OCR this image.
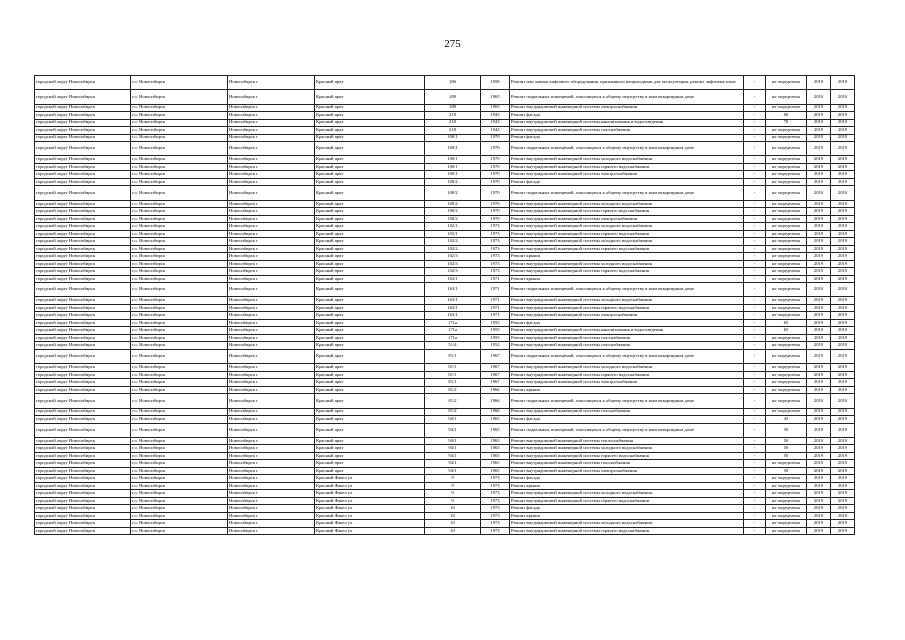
275
городской округ Новосибирск	г.о. Новосибирск	Новосибирск г	Красный пркт	186	1958	Ремонт или замена лифтового оборудования, признанного непригодным для эксплуатации, ремонт лифтовых шахт	-	не определена	2019	2019
городской округ Новосибирск	г.о. Новосибирск	Новосибирск г	Красный пркт	188	1965	Ремонт подвальных помещений, относящихся к общему имуществу в многоквартирном доме	-	не определена	2019	2019
городской округ Новосибирск	г.о. Новосибирск	Новосибирск г	Красный пркт	188	1965	Ремонт внутридомовой инженерной системы электроснабжения	-	не определена	2019	2019
городской округ Новосибирск	г.о. Новосибирск	Новосибирск г	Красный пркт	218	1943	Ремонт фасада	-	69	2019	2019
городской округ Новосибирск	г.о. Новосибирск	Новосибирск г	Красный пркт	218	1943	Ремонт внутридомовой инженерной системы канализования и водоотведения	-	70	2019	2019
городской округ Новосибирск	г.о. Новосибирск	Новосибирск г	Красный пркт	218	1943	Ремонт внутридомовой инженерной системы газоснабжения	-	не определена	2019	2019
городской округ Новосибирск	г.о. Новосибирск	Новосибирск г	Красный пркт	100/1	1970	Ремонт фасада	-	не определена	2019	2019
городской округ Новосибирск	г.о. Новосибирск	Новосибирск г	Красный пркт	100/1	1970	Ремонт подвальных помещений, относящихся к общему имуществу в многоквартирном доме	-	не определена	2019	2019
городской округ Новосибирск	г.о. Новосибирск	Новосибирск г	Красный пркт	100/1	1970	Ремонт внутридомовой инженерной системы холодного водоснабжения	-	не определена	2019	2019
городской округ Новосибирск	г.о. Новосибирск	Новосибирск г	Красный пркт	100/1	1970	Ремонт внутридомовой инженерной системы горячего водоснабжения	-	не определена	2019	2019
городской округ Новосибирск	г.о. Новосибирск	Новосибирск г	Красный пркт	100/1	1970	Ремонт внутридомовой инженерной системы электроснабжения	-	не определена	2019	2019
городской округ Новосибирск	г.о. Новосибирск	Новосибирск г	Красный пркт	100/2	1970	Ремонт фасада	-	не определена	2019	2019
городской округ Новосибирск	г.о. Новосибирск	Новосибирск г	Красный пркт	100/2	1970	Ремонт подвальных помещений, относящихся к общему имуществу в многоквартирном доме	-	не определена	2019	2019
городской округ Новосибирск	г.о. Новосибирск	Новосибирск г	Красный пркт	100/2	1970	Ремонт внутридомовой инженерной системы холодного водоснабжения	-	не определена	2019	2019
городской округ Новосибирск	г.о. Новосибирск	Новосибирск г	Красный пркт	100/2	1970	Ремонт внутридомовой инженерной системы горячего водоснабжения	-	не определена	2019	2019
городской округ Новосибирск	г.о. Новосибирск	Новосибирск г	Красный пркт	100/2	1970	Ремонт внутридомовой инженерной системы электроснабжения	-	не определена	2019	2019
городской округ Новосибирск	г.о. Новосибирск	Новосибирск г	Красный пркт	102/1	1973	Ремонт внутридомовой инженерной системы холодного водоснабжения	-	не определена	2019	2019
городской округ Новосибирск	г.о. Новосибирск	Новосибирск г	Красный пркт	102/1	1973	Ремонт внутридомовой инженерной системы горячего водоснабжения	-	не определена	2019	2019
городской округ Новосибирск	г.о. Новосибирск	Новосибирск г	Красный пркт	102/2	1973	Ремонт внутридомовой инженерной системы холодного водоснабжения	-	не определена	2019	2019
городской округ Новосибирск	г.о. Новосибирск	Новосибирск г	Красный пркт	102/2	1973	Ремонт внутридомовой инженерной системы горячего водоснабжения	-	не определена	2019	2019
городской округ Новосибирск	г.о. Новосибирск	Новосибирск г	Красный пркт	102/3	1973	Ремонт крыши	-	не определена	2019	2019
городской округ Новосибирск	г.о. Новосибирск	Новосибирск г	Красный пркт	102/3	1973	Ремонт внутридомовой инженерной системы холодного водоснабжения	-	не определена	2019	2019
городской округ Новосибирск	г.о. Новосибирск	Новосибирск г	Красный пркт	102/3	1973	Ремонт внутридомовой инженерной системы горячего водоснабжения	-	не определена	2019	2019
городской округ Новосибирск	г.о. Новосибирск	Новосибирск г	Красный пркт	163/1	1971	Ремонт крыши	-	не определена	2019	2019
городской округ Новосибирск	г.о. Новосибирск	Новосибирск г	Красный пркт	163/1	1971	Ремонт подвальных помещений, относящихся к общему имуществу в многоквартирном доме	-	не определена	2019	2019
городской округ Новосибирск	г.о. Новосибирск	Новосибирск г	Красный пркт	163/1	1971	Ремонт внутридомовой инженерной системы холодного водоснабжения	-	не определена	2019	2019
городской округ Новосибирск	г.о. Новосибирск	Новосибирск г	Красный пркт	163/1	1971	Ремонт внутридомовой инженерной системы горячего водоснабжения	-	не определена	2019	2019
городской округ Новосибирск	г.о. Новосибирск	Новосибирск г	Красный пркт	163/1	1971	Ремонт внутридомовой инженерной системы электроснабжения	-	не определена	2019	2019
городской округ Новосибирск	г.о. Новосибирск	Новосибирск г	Красный пркт	171а	1955	Ремонт фасада	-	65	2019	2019
городской округ Новосибирск	г.о. Новосибирск	Новосибирск г	Красный пркт	171а	1955	Ремонт внутридомовой инженерной системы канализования и водоотведения	-	65	2019	2019
городской округ Новосибирск	г.о. Новосибирск	Новосибирск г	Красный пркт	171а	1955	Ремонт внутридомовой инженерной системы газоснабжения	-	не определена	2019	2019
городской округ Новосибирск	г.о. Новосибирск	Новосибирск г	Красный пркт	51/4	1952	Ремонт внутридомовой инженерной системы газоснабжения	-	не определена	2019	2019
городской округ Новосибирск	г.о. Новосибирск	Новосибирск г	Красный пркт	81/1	1967	Ремонт подвальных помещений, относящихся к общему имуществу в многоквартирном доме	-	не определена	2019	2019
городской округ Новосибирск	г.о. Новосибирск	Новосибирск г	Красный пркт	81/1	1967	Ремонт внутридомовой инженерной системы холодного водоснабжения	-	не определена	2019	2019
городской округ Новосибирск	г.о. Новосибирск	Новосибирск г	Красный пркт	81/1	1967	Ремонт внутридомовой инженерной системы горячего водоснабжения	-	не определена	2019	2019
городской округ Новосибирск	г.о. Новосибирск	Новосибирск г	Красный пркт	81/1	1967	Ремонт внутридомовой инженерной системы электроснабжения	-	не определена	2019	2019
городской округ Новосибирск	г.о. Новосибирск	Новосибирск г	Красный пркт	81/2	1966	Ремонт крыши	-	не определена	2019	2019
городской округ Новосибирск	г.о. Новосибирск	Новосибирск г	Красный пркт	81/2	1966	Ремонт подвальных помещений, относящихся к общему имуществу в многоквартирном доме	-	не определена	2019	2019
городской округ Новосибирск	г.о. Новосибирск	Новосибирск г	Красный пркт	81/2	1966	Ремонт внутридомовой инженерной системы газоснабжения	-	не определена	2019	2019
городской округ Новосибирск	г.о. Новосибирск	Новосибирск г	Красный пркт	94/1	1965	Ремонт фасада	-	45	2019	2019
городской округ Новосибирск	г.о. Новосибирск	Новосибирск г	Красный пркт	94/1	1965	Ремонт подвальных помещений, относящихся к общему имуществу в многоквартирном доме	-	50	2019	2019
городской округ Новосибирск	г.о. Новосибирск	Новосибирск г	Красный пркт	94/1	1965	Ремонт внутридомовой инженерной системы теплоснабжения	-	50	2019	2019
городской округ Новосибирск	г.о. Новосибирск	Новосибирск г	Красный пркт	94/1	1965	Ремонт внутридомовой инженерной системы холодного водоснабжения	-	50	2019	2019
городской округ Новосибирск	г.о. Новосибирск	Новосибирск г	Красный пркт	94/1	1965	Ремонт внутридомовой инженерной системы горячего водоснабжения	-	50	2019	2019
городской округ Новосибирск	г.о. Новосибирск	Новосибирск г	Красный пркт	94/1	1965	Ремонт внутридомовой инженерной системы газоснабжения	-	не определена	2019	2019
городской округ Новосибирск	г.о. Новосибирск	Новосибирск г	Красный пркт	94/1	1965	Ремонт внутридомовой инженерной системы электроснабжения	-	50	2019	2019
городской округ Новосибирск	г.о. Новосибирск	Новосибирск г	Красный Факел ул	9	1973	Ремонт фасада	-	не определена	2019	2019
городской округ Новосибирск	г.о. Новосибирск	Новосибирск г	Красный Факел ул	9	1973	Ремонт крыши	-	не определена	2019	2019
городской округ Новосибирск	г.о. Новосибирск	Новосибирск г	Красный Факел ул	9	1973	Ремонт внутридомовой инженерной системы холодного водоснабжения	-	не определена	2019	2019
городской округ Новосибирск	г.о. Новосибирск	Новосибирск г	Красный Факел ул	9	1973	Ремонт внутридомовой инженерной системы горячего водоснабжения	-	не определена	2019	2019
городской округ Новосибирск	г.о. Новосибирск	Новосибирск г	Красный Факел ул	10	1973	Ремонт фасада	-	не определена	2019	2019
городской округ Новосибирск	г.о. Новосибирск	Новосибирск г	Красный Факел ул	10	1973	Ремонт крыши	-	не определена	2019	2019
городской округ Новосибирск	г.о. Новосибирск	Новосибирск г	Красный Факел ул	10	1973	Ремонт внутридомовой инженерной системы холодного водоснабжения	-	не определена	2019	2019
городской округ Новосибирск	г.о. Новосибирск	Новосибирск г	Красный Факел ул	10	1973	Ремонт внутридомовой инженерной системы горячего водоснабжения	-	не определена	2019	2019
